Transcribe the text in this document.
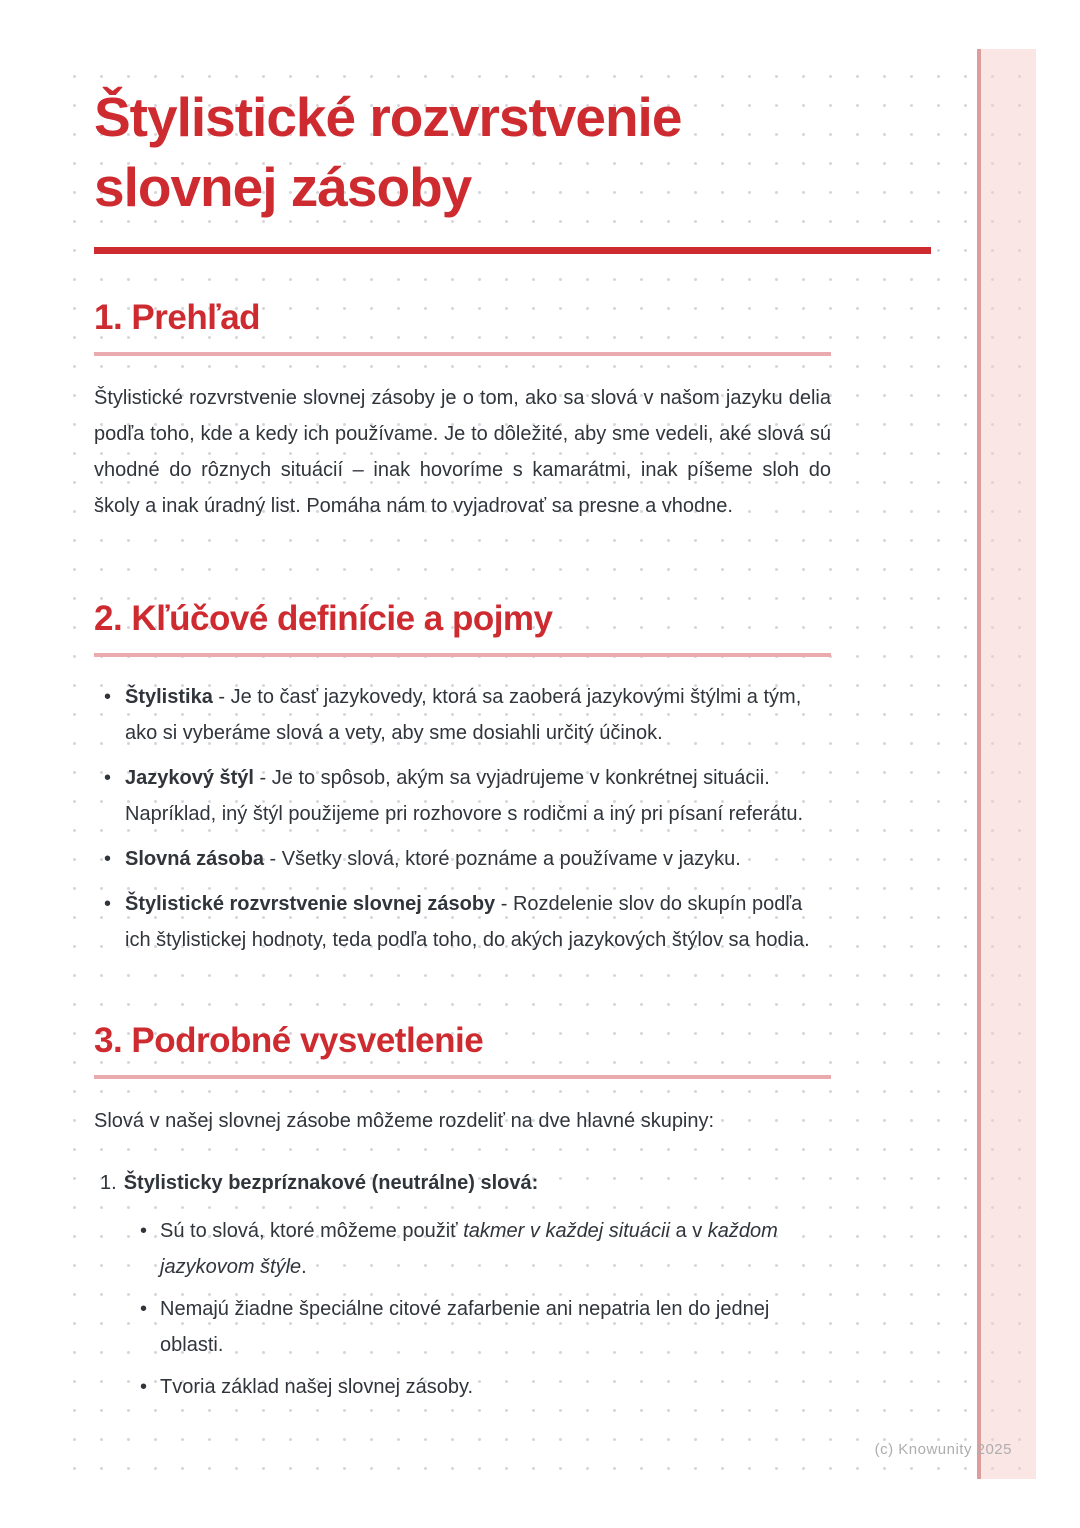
Štylistické rozvrstvenie
slovnej zásoby
1. Prehľad

Štylistické rozvrstvenie slovnej zásoby je o tom, ako sa slová v našom jazyku delia podľa toho, kde a kedy ich používame. Je to dôležité, aby sme vedeli, aké slová sú vhodné do rôznych situácií – inak hovoríme s kamarátmi, inak píšeme sloh do školy a inak úradný list. Pomáha nám to vyjadrovať sa presne a vhodne.

2. Kľúčové definície a pojmy
• Štylistika - Je to časť jazykovedy, ktorá sa zaoberá jazykovými štýlmi a tým, ako si vyberáme slová a vety, aby sme dosiahli určitý účinok.
• Jazykový štýl - Je to spôsob, akým sa vyjadrujeme v konkrétnej situácii. Napríklad, iný štýl použijeme pri rozhovore s rodičmi a iný pri písaní referátu.
• Slovná zásoba - Všetky slová, ktoré poznáme a používame v jazyku.
• Štylistické rozvrstvenie slovnej zásoby - Rozdelenie slov do skupín podľa ich štylistickej hodnoty, teda podľa toho, do akých jazykových štýlov sa hodia.
3. Podrobné vysvetlenie

Slová v našej slovnej zásobe môžeme rozdeliť na dve hlavné skupiny:

1. Štylisticky bezpríznakové (neutrálne) slová:
• Sú to slová, ktoré môžeme použiť takmer v každej situácii a v každom jazykovom štýle.
• Nemajú žiadne špeciálne citové zafarbenie ani nepatria len do jednej oblasti.
• Tvoria základ našej slovnej zásoby.
(c) Knowunity 2025
